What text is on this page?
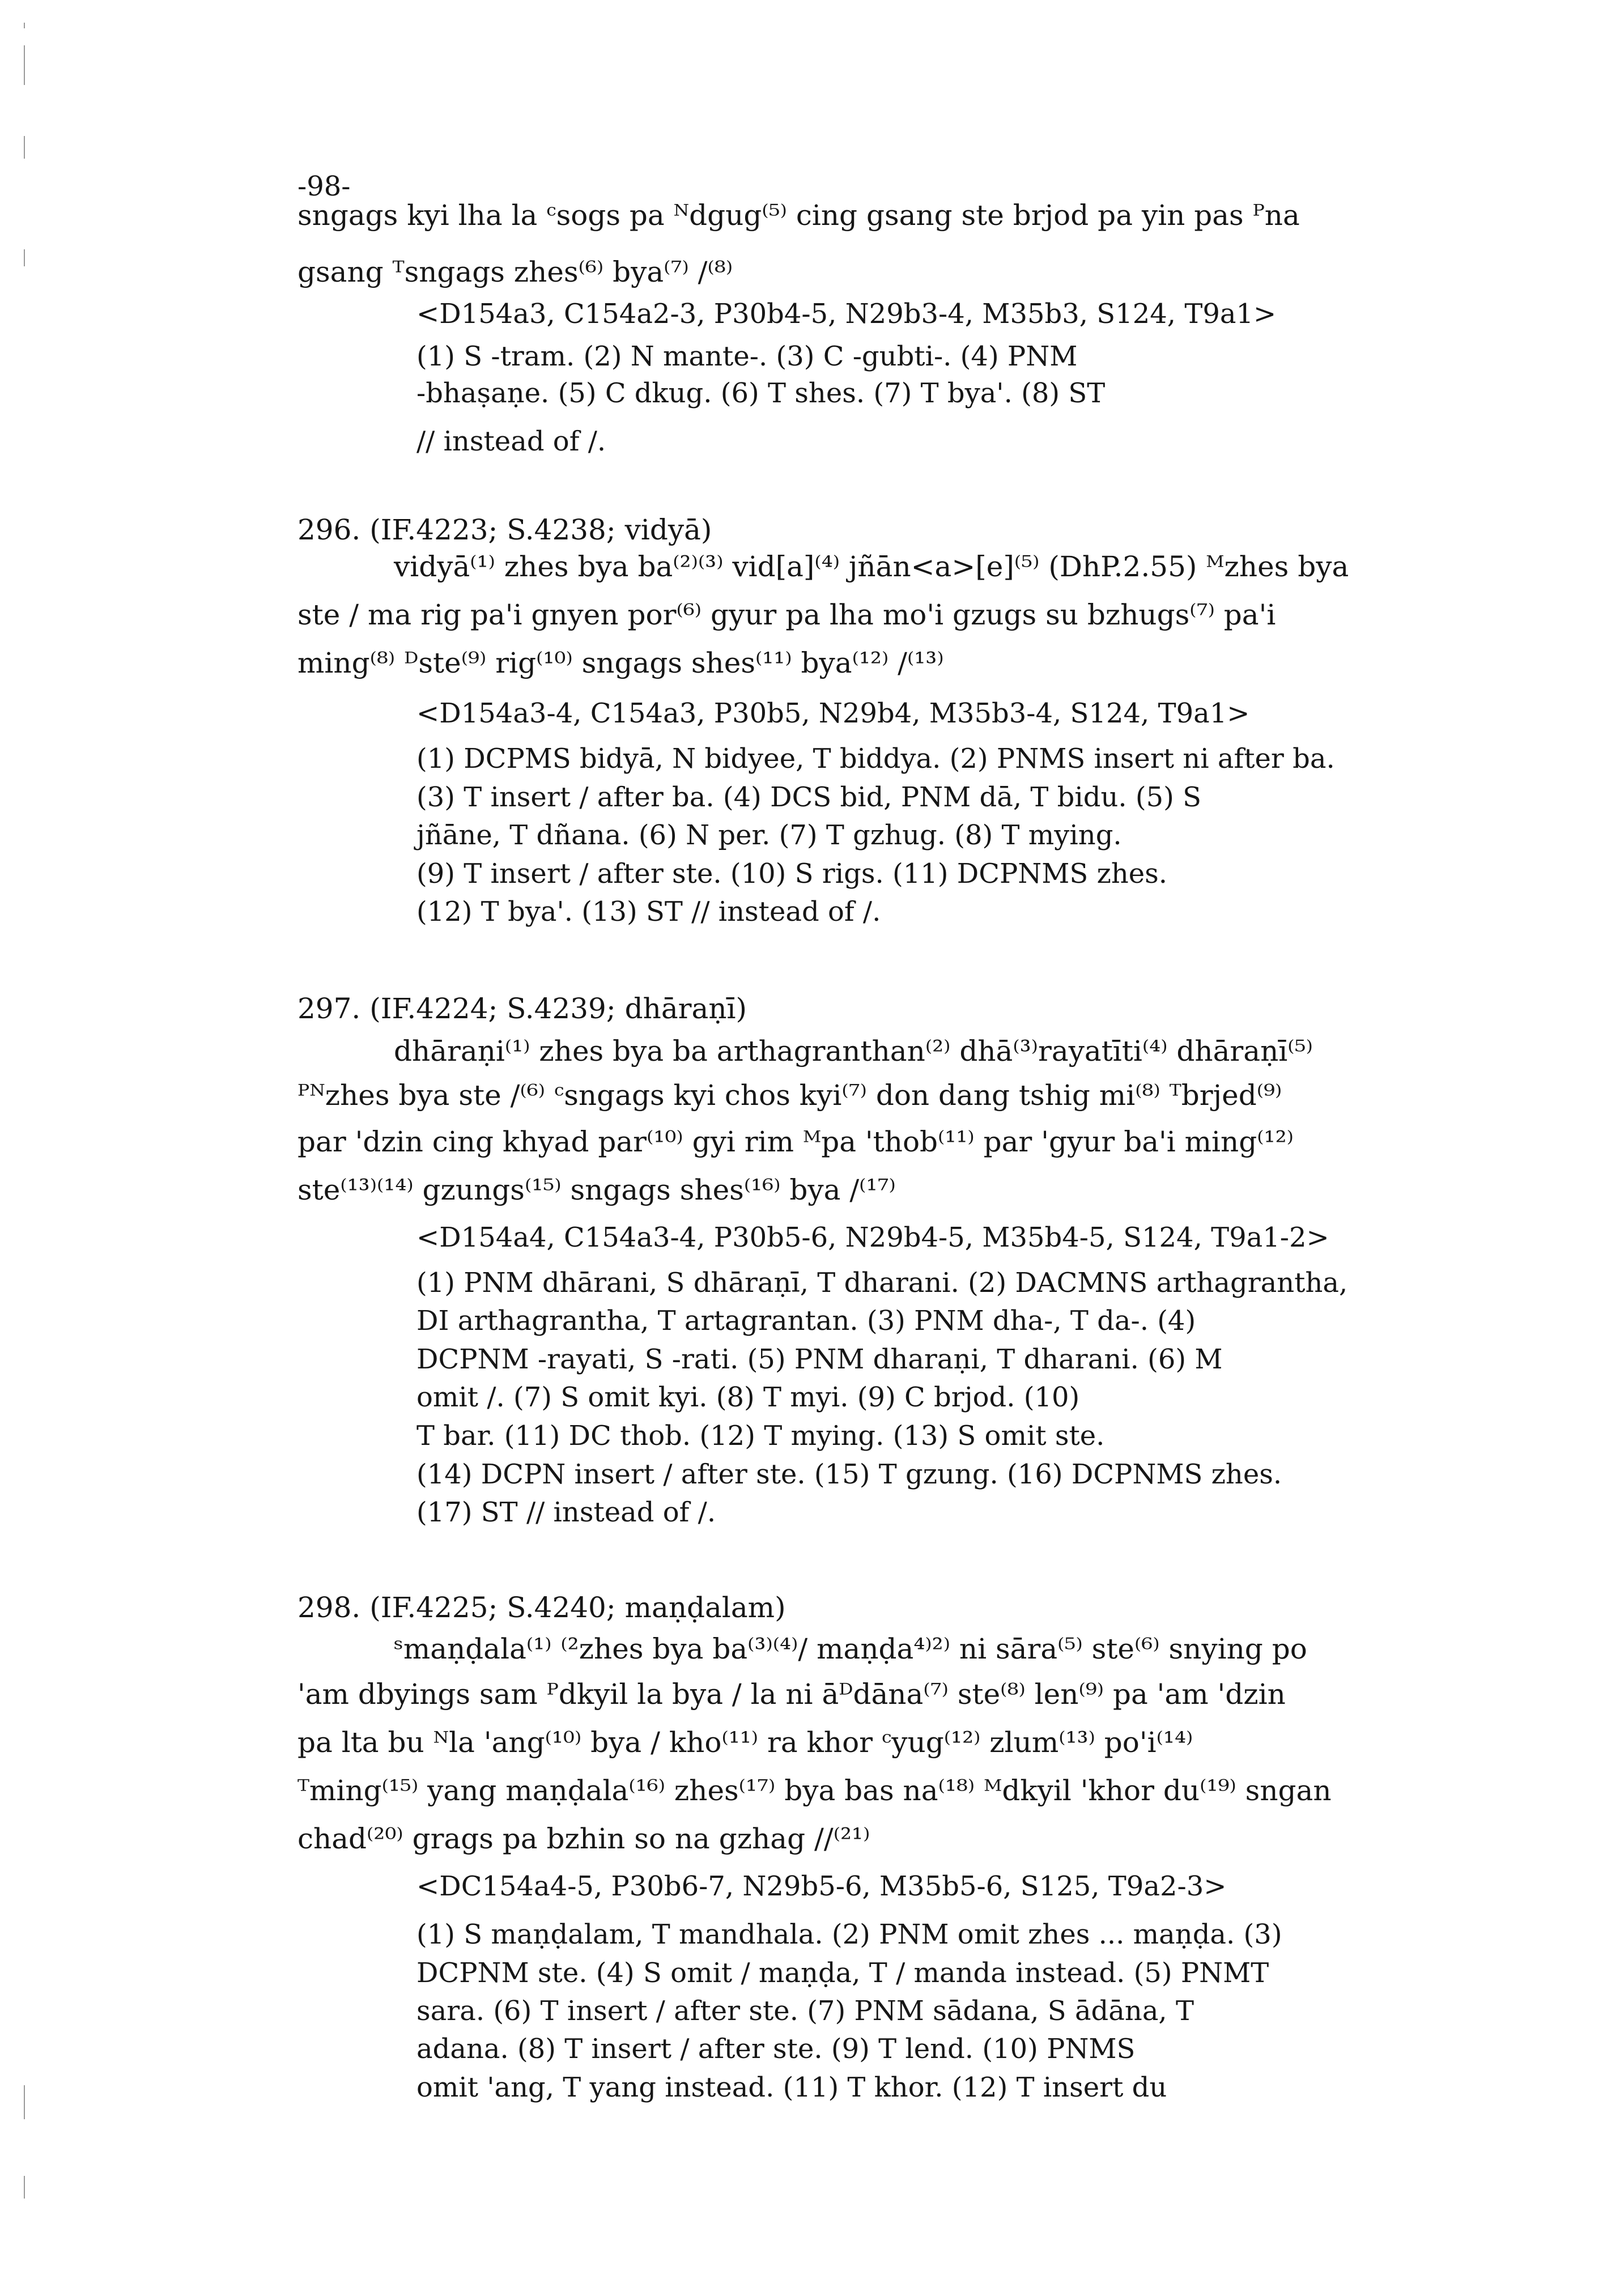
-98-
sngags kyi lha la ᶜsogs pa ᴺdgug⁽⁵⁾ cing gsang ste brjod pa yin pas ᴾna
gsang ᵀsngags zhes⁽⁶⁾ bya⁽⁷⁾ /⁽⁸⁾
<D154a3, C154a2-3, P30b4-5, N29b3-4, M35b3, S124, T9a1>
(1) S -tram. (2) N mante-. (3) C -gubti-. (4) PNM
-bhaṣaṇe. (5) C dkug. (6) T shes. (7) T bya'. (8) ST
// instead of /.
296. (IF.4223; S.4238; vidyā)
vidyā⁽¹⁾ zhes bya ba⁽²⁾⁽³⁾ vid[a]⁽⁴⁾ jñān<a>[e]⁽⁵⁾ (DhP.2.55) ᴹzhes bya
ste / ma rig pa'i gnyen por⁽⁶⁾ gyur pa lha mo'i gzugs su bzhugs⁽⁷⁾ pa'i
ming⁽⁸⁾ ᴰste⁽⁹⁾ rig⁽¹⁰⁾ sngags shes⁽¹¹⁾ bya⁽¹²⁾ /⁽¹³⁾
<D154a3-4, C154a3, P30b5, N29b4, M35b3-4, S124, T9a1>
(1) DCPMS bidyā, N bidyee, T biddya. (2) PNMS insert ni after ba.
(3) T insert / after ba. (4) DCS bid, PNM dā, T bidu. (5) S
jñāne, T dñana. (6) N per. (7) T gzhug. (8) T mying.
(9) T insert / after ste. (10) S rigs. (11) DCPNMS zhes.
(12) T bya'. (13) ST // instead of /.
297. (IF.4224; S.4239; dhāraṇī)
dhāraṇi⁽¹⁾ zhes bya ba arthagranthan⁽²⁾ dhā⁽³⁾rayatīti⁽⁴⁾ dhāraṇī⁽⁵⁾
ᴾᴺzhes bya ste /⁽⁶⁾ ᶜsngags kyi chos kyi⁽⁷⁾ don dang tshig mi⁽⁸⁾ ᵀbrjed⁽⁹⁾
par 'dzin cing khyad par⁽¹⁰⁾ gyi rim ᴹpa 'thob⁽¹¹⁾ par 'gyur ba'i ming⁽¹²⁾
ste⁽¹³⁾⁽¹⁴⁾ gzungs⁽¹⁵⁾ sngags shes⁽¹⁶⁾ bya /⁽¹⁷⁾
<D154a4, C154a3-4, P30b5-6, N29b4-5, M35b4-5, S124, T9a1-2>
(1) PNM dhārani, S dhāraṇī, T dharani. (2) DACMNS arthagrantha,
DI arthagrantha, T artagrantan. (3) PNM dha-, T da-. (4)
DCPNM -rayati, S -rati. (5) PNM dharaṇi, T dharani. (6) M
omit /. (7) S omit kyi. (8) T myi. (9) C brjod. (10)
T bar. (11) DC thob. (12) T mying. (13) S omit ste.
(14) DCPN insert / after ste. (15) T gzung. (16) DCPNMS zhes.
(17) ST // instead of /.
298. (IF.4225; S.4240; maṇḍalam)
ˢmaṇḍala⁽¹⁾ ⁽²zhes bya ba⁽³⁾⁽⁴⁾/ maṇḍa⁴⁾²⁾ ni sāra⁽⁵⁾ ste⁽⁶⁾ snying po
'am dbyings sam ᴾdkyil la bya / la ni āᴰdāna⁽⁷⁾ ste⁽⁸⁾ len⁽⁹⁾ pa 'am 'dzin
pa lta bu ᴺla 'ang⁽¹⁰⁾ bya / kho⁽¹¹⁾ ra khor ᶜyug⁽¹²⁾ zlum⁽¹³⁾ po'i⁽¹⁴⁾
ᵀming⁽¹⁵⁾ yang maṇḍala⁽¹⁶⁾ zhes⁽¹⁷⁾ bya bas na⁽¹⁸⁾ ᴹdkyil 'khor du⁽¹⁹⁾ sngan
chad⁽²⁰⁾ grags pa bzhin so na gzhag //⁽²¹⁾
<DC154a4-5, P30b6-7, N29b5-6, M35b5-6, S125, T9a2-3>
(1) S maṇḍalam, T mandhala. (2) PNM omit zhes ... maṇḍa. (3)
DCPNM ste. (4) S omit / maṇḍa, T / manda instead. (5) PNMT
sara. (6) T insert / after ste. (7) PNM sādana, S ādāna, T
adana. (8) T insert / after ste. (9) T lend. (10) PNMS
omit 'ang, T yang instead. (11) T khor. (12) T insert du
